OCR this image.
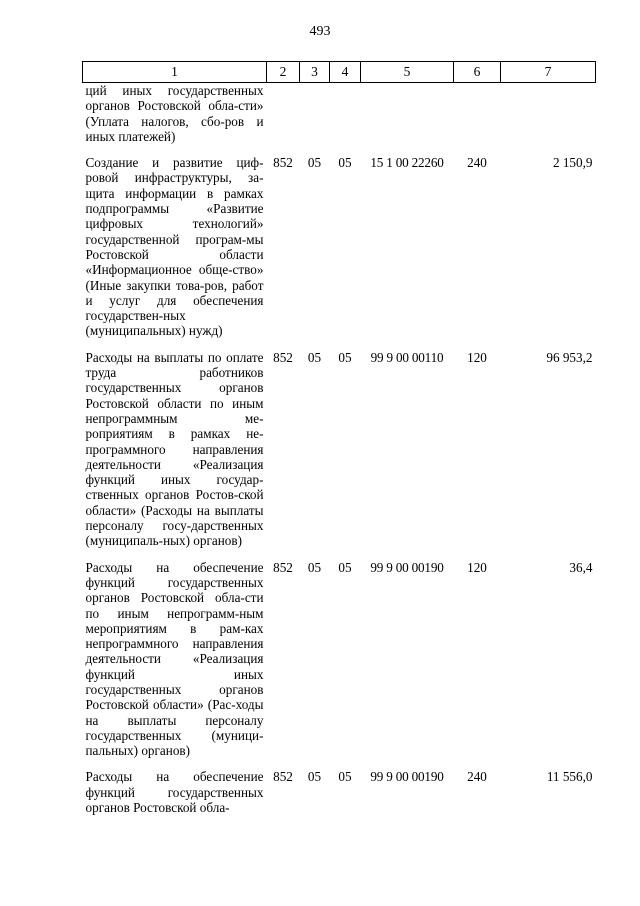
493
1	2	3	4	5	6	7
ций иных государственных органов Ростовской обла-сти» (Уплата налогов, сбо-ров и иных платежей)						
Создание и развитие циф-ровой инфраструктуры, за-щита информации в рамках подпрограммы «Развитие цифровых технологий» государственной програм-мы Ростовской области «Информационное обще-ство» (Иные закупки това-ров, работ и услуг для обеспечения государствен-ных (муниципальных) нужд)	852	05	05	15 1 00 22260	240	2 150,9
Расходы на выплаты по оплате труда работников государственных органов Ростовской области по иным непрограммным ме-роприятиям в рамках не-программного направления деятельности «Реализация функций иных государ-ственных органов Ростов-ской области» (Расходы на выплаты персоналу госу-дарственных (муниципаль-ных) органов)	852	05	05	99 9 00 00110	120	96 953,2
Расходы на обеспечение функций государственных органов Ростовской обла-сти по иным непрограмм-ным мероприятиям в рам-ках непрограммного направления деятельности «Реализация функций иных государственных органов Ростовской области» (Рас-ходы на выплаты персоналу государственных (муници-пальных) органов)	852	05	05	99 9 00 00190	120	36,4
Расходы на обеспечение функций государственных органов Ростовской обла-	852	05	05	99 9 00 00190	240	11 556,0
